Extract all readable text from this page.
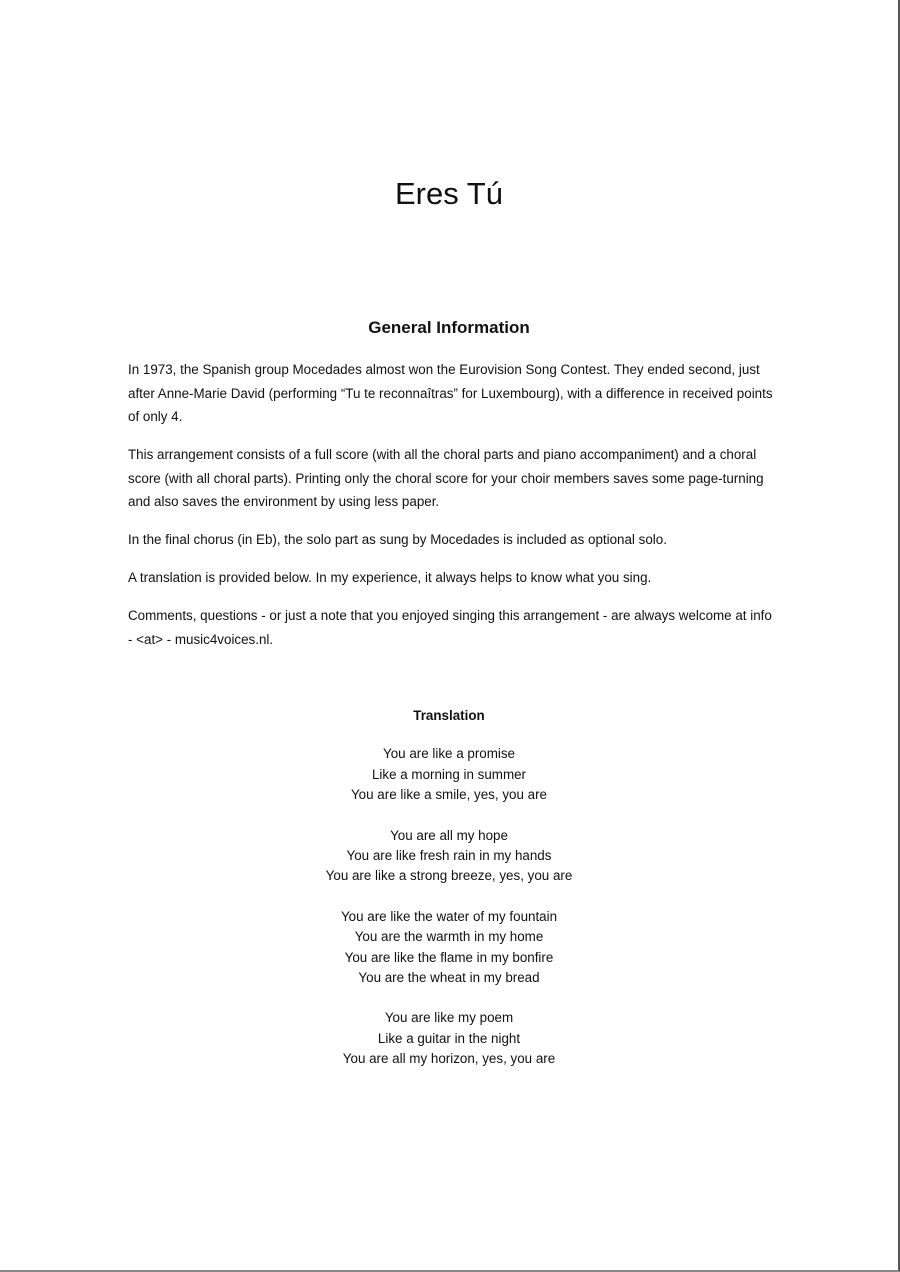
Eres Tú
General Information

In 1973, the Spanish group Mocedades almost won the Eurovision Song Contest. They ended second, just after Anne-Marie David (performing “Tu te reconnaîtras” for Luxembourg), with a difference in received points of only 4.

This arrangement consists of a full score (with all the choral parts and piano accompaniment) and a choral score (with all choral parts). Printing only the choral score for your choir members saves some page-turning and also saves the environment by using less paper.

In the final chorus (in Eb), the solo part as sung by Mocedades is included as optional solo.

A translation is provided below. In my experience, it always helps to know what you sing.

Comments, questions - or just a note that you enjoyed singing this arrangement - are always welcome at info - <at> - music4voices.nl.

Translation
You are like a promise
Like a morning in summer
You are like a smile, yes, you are
You are all my hope
You are like fresh rain in my hands
You are like a strong breeze, yes, you are
You are like the water of my fountain
You are the warmth in my home
You are like the flame in my bonfire
You are the wheat in my bread
You are like my poem
Like a guitar in the night
You are all my horizon, yes, you are
